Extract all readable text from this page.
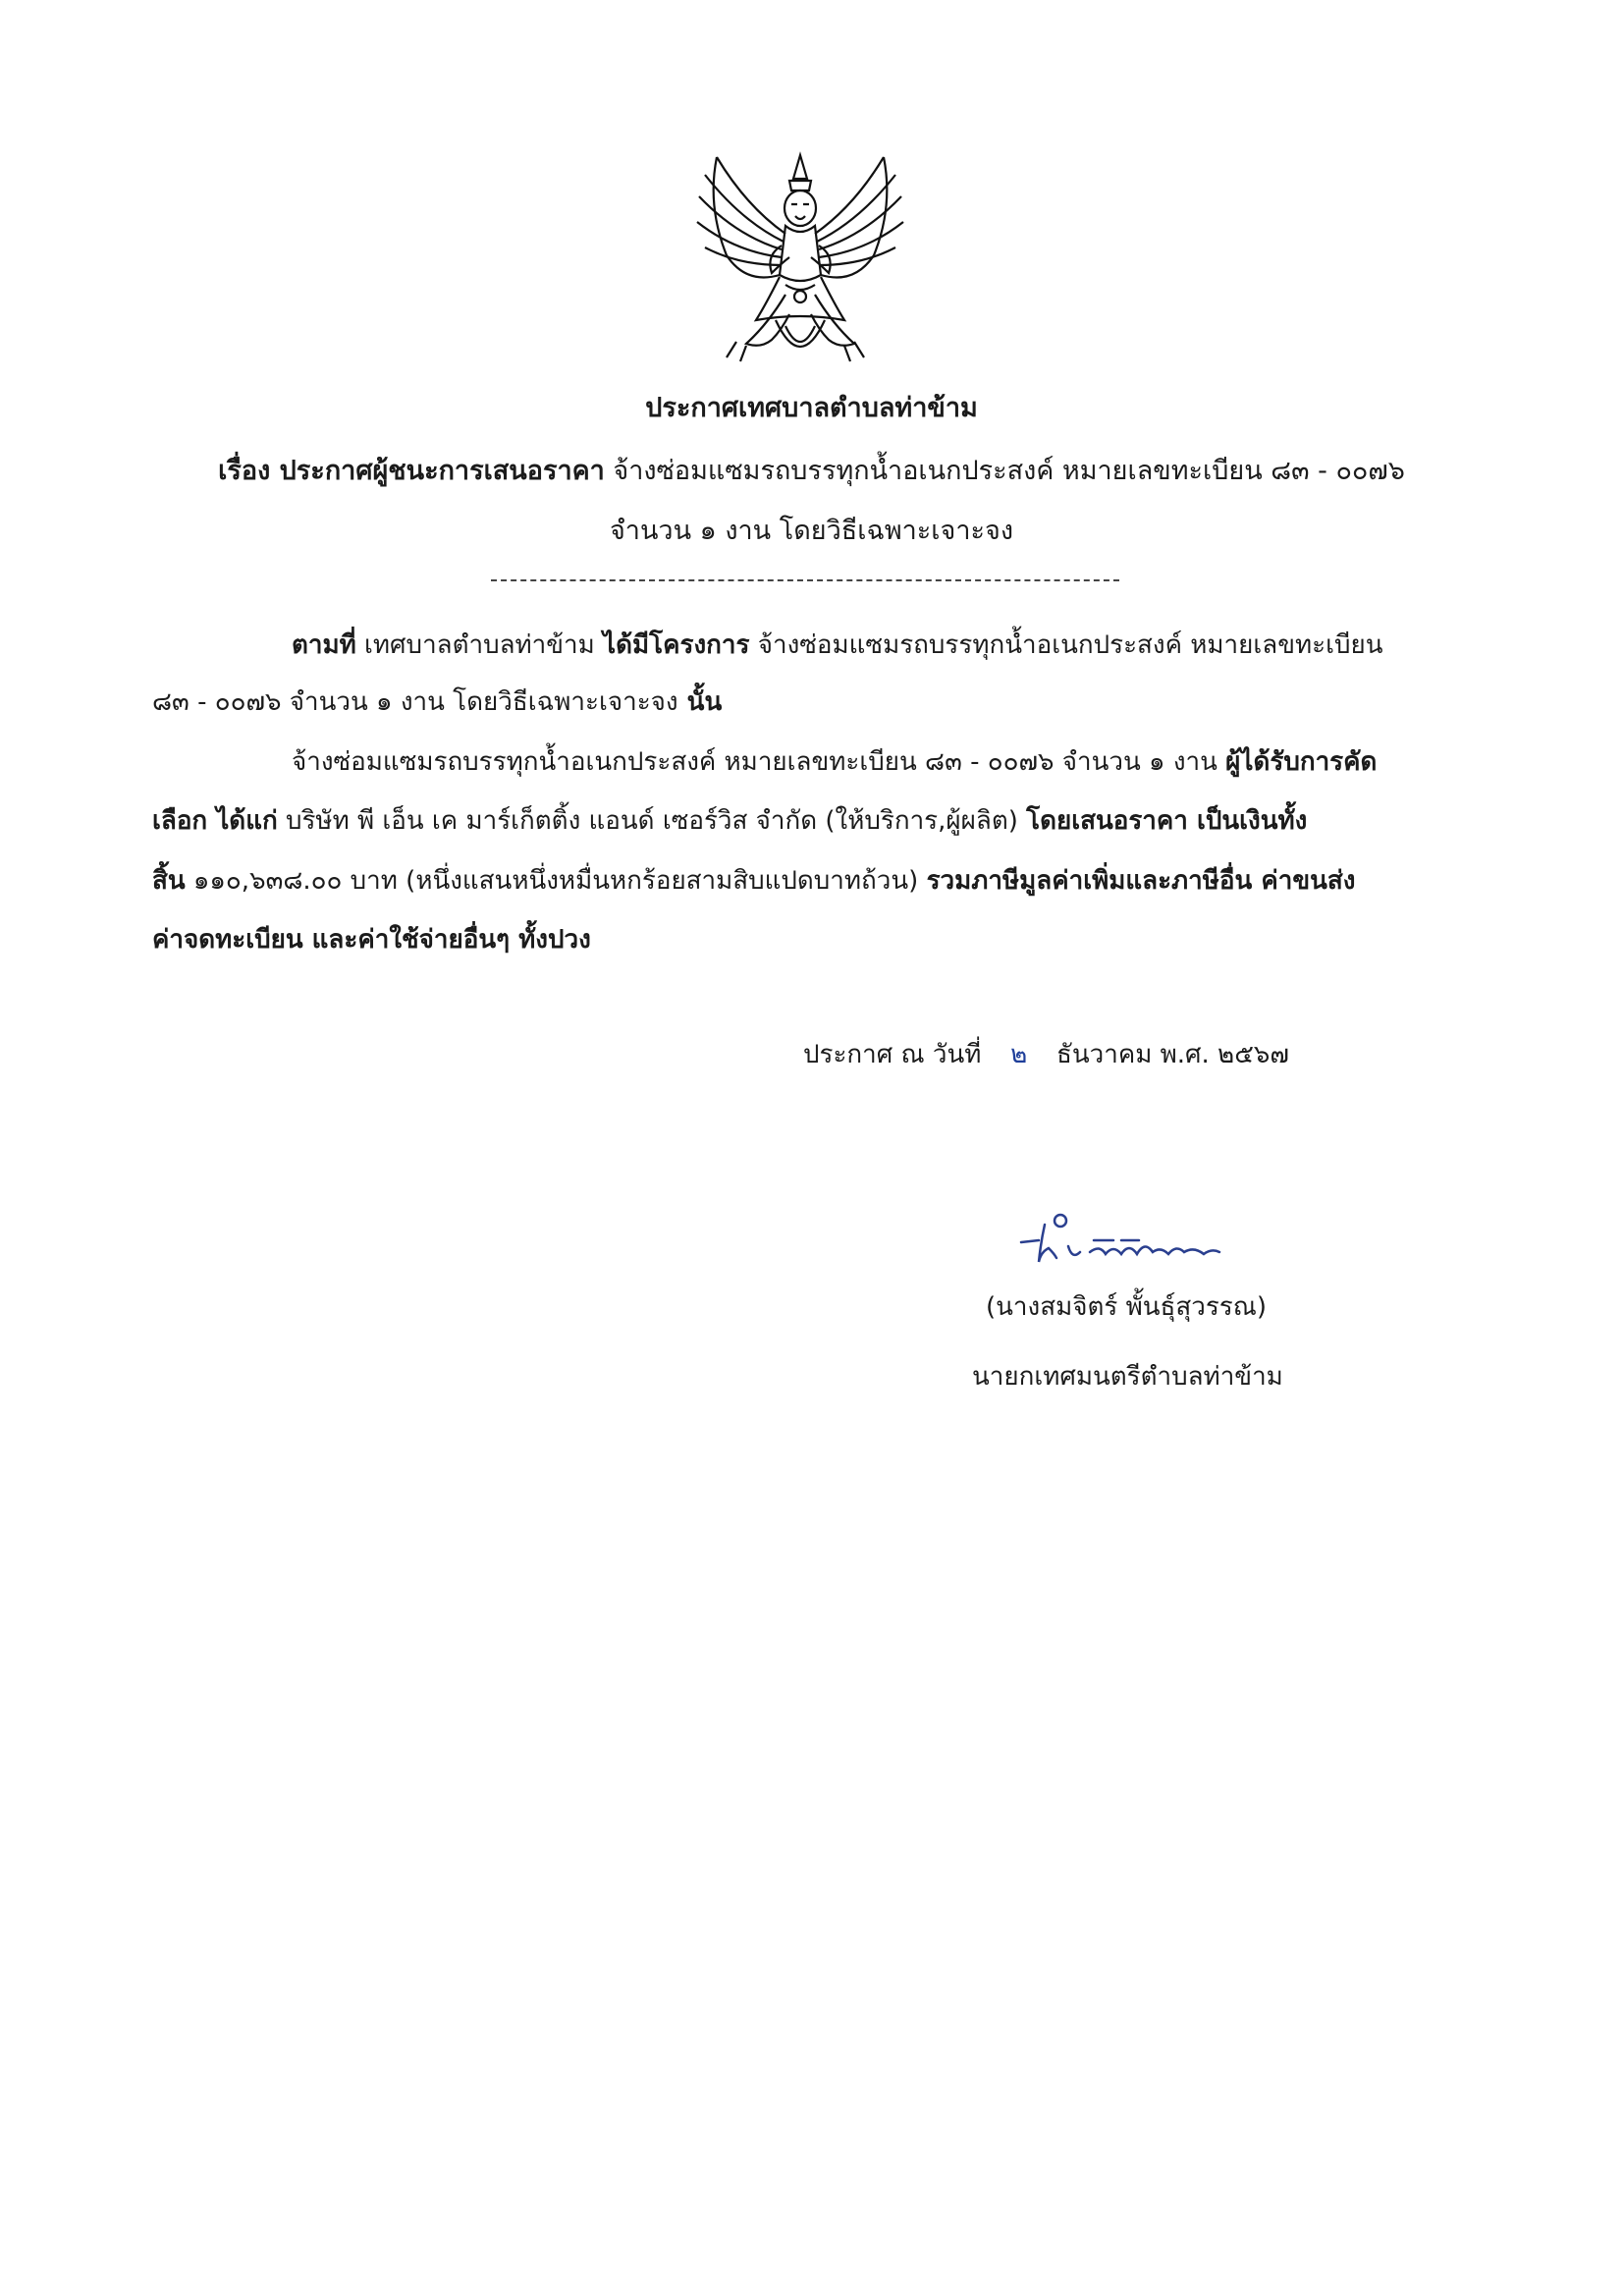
ประกาศเทศบาลตำบลท่าข้าม
เรื่อง ประกาศผู้ชนะการเสนอราคา จ้างซ่อมแซมรถบรรทุกน้ำอเนกประสงค์ หมายเลขทะเบียน ๘๓ - ๐๐๗๖
จำนวน ๑ งาน โดยวิธีเฉพาะเจาะจง
ตามที่ เทศบาลตำบลท่าข้าม ได้มีโครงการ จ้างซ่อมแซมรถบรรทุกน้ำอเนกประสงค์ หมายเลขทะเบียน
๘๓ - ๐๐๗๖ จำนวน ๑ งาน โดยวิธีเฉพาะเจาะจง นั้น
จ้างซ่อมแซมรถบรรทุกน้ำอเนกประสงค์ หมายเลขทะเบียน ๘๓ - ๐๐๗๖ จำนวน ๑ งาน ผู้ได้รับการคัด
เลือก ได้แก่ บริษัท พี เอ็น เค มาร์เก็ตติ้ง แอนด์ เซอร์วิส จำกัด (ให้บริการ,ผู้ผลิต) โดยเสนอราคา เป็นเงินทั้ง
สิ้น ๑๑๐,๖๓๘.๐๐ บาท (หนึ่งแสนหนึ่งหมื่นหกร้อยสามสิบแปดบาทถ้วน) รวมภาษีมูลค่าเพิ่มและภาษีอื่น ค่าขนส่ง
ค่าจดทะเบียน และค่าใช้จ่ายอื่นๆ ทั้งปวง
ประกาศ ณ วันที่ ๒ ธันวาคม พ.ศ. ๒๕๖๗
(นางสมจิตร์ พั้นธุ์สุวรรณ)
นายกเทศมนตรีตำบลท่าข้าม
